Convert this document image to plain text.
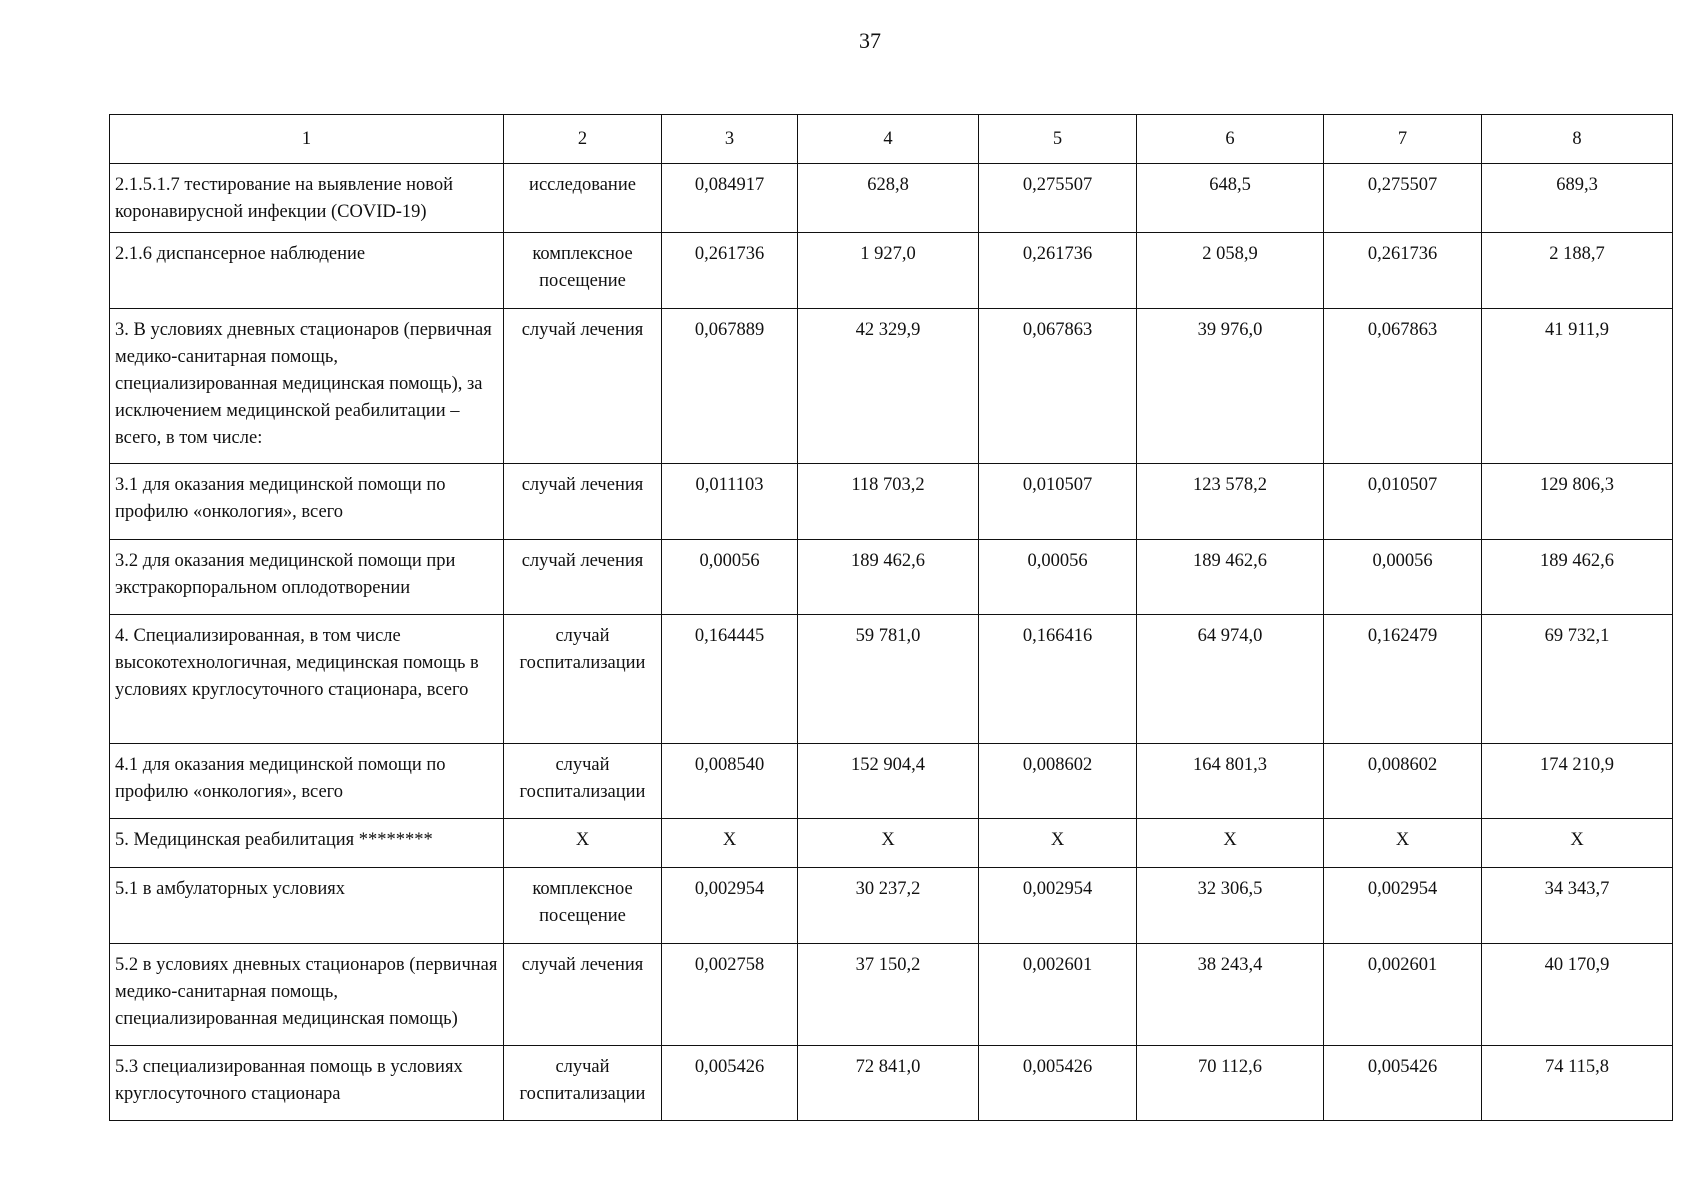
37
1	2	3	4	5	6	7	8
2.1.5.1.7 тестирование на выявление новой коронавирусной инфекции (COVID-19)	исследование	0,084917	628,8	0,275507	648,5	0,275507	689,3
2.1.6 диспансерное наблюдение	комплексное посещение	0,261736	1 927,0	0,261736	2 058,9	0,261736	2 188,7
3. В условиях дневных стационаров (первичная медико-санитарная помощь, специализированная медицинская помощь), за исключением медицинской реабилитации – всего, в том числе:	случай лечения	0,067889	42 329,9	0,067863	39 976,0	0,067863	41 911,9
3.1 для оказания медицинской помощи по профилю «онкология», всего	случай лечения	0,011103	118 703,2	0,010507	123 578,2	0,010507	129 806,3
3.2 для оказания медицинской помощи при экстракорпоральном оплодотворении	случай лечения	0,00056	189 462,6	0,00056	189 462,6	0,00056	189 462,6
4. Специализированная, в том числе высокотехнологичная, медицинская помощь в условиях круглосуточного стационара, всего	случай госпитализации	0,164445	59 781,0	0,166416	64 974,0	0,162479	69 732,1
4.1 для оказания медицинской помощи по профилю «онкология», всего	случай госпитализации	0,008540	152 904,4	0,008602	164 801,3	0,008602	174 210,9
5. Медицинская реабилитация ********	Х	Х	Х	Х	Х	Х	Х
5.1 в амбулаторных условиях	комплексное посещение	0,002954	30 237,2	0,002954	32 306,5	0,002954	34 343,7
5.2 в условиях дневных стационаров (первичная медико-санитарная помощь, специализированная медицинская помощь)	случай лечения	0,002758	37 150,2	0,002601	38 243,4	0,002601	40 170,9
5.3 специализированная помощь в условиях круглосуточного стационара	случай госпитализации	0,005426	72 841,0	0,005426	70 112,6	0,005426	74 115,8
